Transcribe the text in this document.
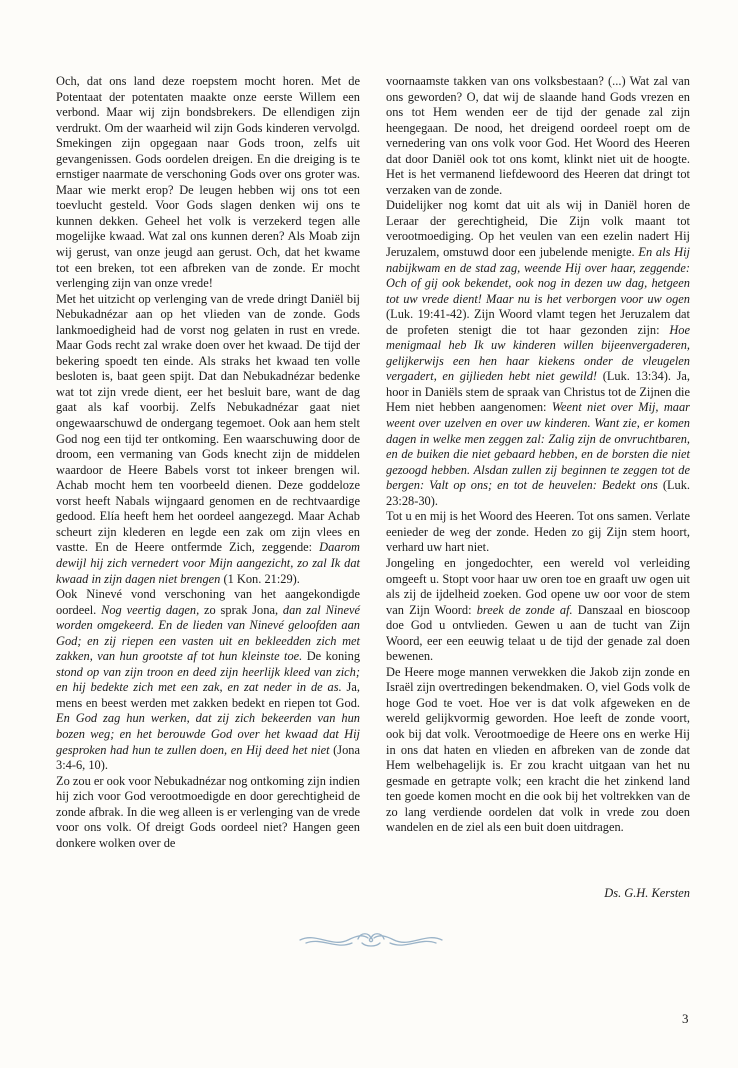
Och, dat ons land deze roepstem mocht horen. Met de Potentaat der potentaten maakte onze eerste Willem een verbond. Maar wij zijn bondsbrekers. De ellendigen zijn verdrukt. Om der waarheid wil zijn Gods kinderen vervolgd. Smekingen zijn opgegaan naar Gods troon, zelfs uit gevangenissen. Gods oordelen dreigen. En die dreiging is te ernstiger naarmate de verschoning Gods over ons groter was. Maar wie merkt erop? De leugen hebben wij ons tot een toevlucht gesteld. Voor Gods slagen denken wij ons te kunnen dekken. Geheel het volk is verzekerd tegen alle mogelijke kwaad. Wat zal ons kunnen deren? Als Moab zijn wij gerust, van onze jeugd aan gerust. Och, dat het kwame tot een breken, tot een afbreken van de zonde. Er mocht verlenging zijn van onze vrede!

Met het uitzicht op verlenging van de vrede dringt Daniël bij Nebukadnézar aan op het vlieden van de zonde. Gods lankmoedigheid had de vorst nog gelaten in rust en vrede. Maar Gods recht zal wrake doen over het kwaad. De tijd der bekering spoedt ten einde. Als straks het kwaad ten volle besloten is, baat geen spijt. Dat dan Nebukadnézar bedenke wat tot zijn vrede dient, eer het besluit bare, want de dag gaat als kaf voorbij. Zelfs Nebukadnézar gaat niet ongewaarschuwd de ondergang tegemoet. Ook aan hem stelt God nog een tijd ter ontkoming. Een waarschuwing door de droom, een vermaning van Gods knecht zijn de middelen waardoor de Heere Babels vorst tot inkeer brengen wil. Achab mocht hem ten voorbeeld dienen. Deze goddeloze vorst heeft Nabals wijngaard genomen en de rechtvaardige gedood. Elía heeft hem het oordeel aangezegd. Maar Achab scheurt zijn klederen en legde een zak om zijn vlees en vastte. En de Heere ontfermde Zich, zeggende: Daarom dewijl hij zich vernedert voor Mijn aangezicht, zo zal Ik dat kwaad in zijn dagen niet brengen (1 Kon. 21:29).

Ook Ninevé vond verschoning van het aangekondigde oordeel. Nog veertig dagen, zo sprak Jona, dan zal Ninevé worden omgekeerd. En de lieden van Ninevé geloofden aan God; en zij riepen een vasten uit en bekleedden zich met zakken, van hun grootste af tot hun kleinste toe. De koning stond op van zijn troon en deed zijn heerlijk kleed van zich; en hij bedekte zich met een zak, en zat neder in de as. Ja, mens en beest werden met zakken bedekt en riepen tot God. En God zag hun werken, dat zij zich bekeerden van hun bozen weg; en het berouwde God over het kwaad dat Hij gesproken had hun te zullen doen, en Hij deed het niet (Jona 3:4-6, 10).

Zo zou er ook voor Nebukadnézar nog ontkoming zijn indien hij zich voor God verootmoedigde en door gerechtigheid de zonde afbrak. In die weg alleen is er verlenging van de vrede voor ons volk. Of dreigt Gods oordeel niet? Hangen geen donkere wolken over de

voornaamste takken van ons volksbestaan? (...) Wat zal van ons geworden? O, dat wij de slaande hand Gods vrezen en ons tot Hem wenden eer de tijd der genade zal zijn heengegaan. De nood, het dreigend oordeel roept om de vernedering van ons volk voor God. Het Woord des Heeren dat door Daniël ook tot ons komt, klinkt niet uit de hoogte. Het is het vermanend liefdewoord des Heeren dat dringt tot verzaken van de zonde.

Duidelijker nog komt dat uit als wij in Daniël horen de Leraar der gerechtigheid, Die Zijn volk maant tot verootmoediging. Op het veulen van een ezelin nadert Hij Jeruzalem, omstuwd door een jubelende menigte. En als Hij nabijkwam en de stad zag, weende Hij over haar, zeggende: Och of gij ook bekendet, ook nog in dezen uw dag, hetgeen tot uw vrede dient! Maar nu is het verborgen voor uw ogen (Luk. 19:41-42). Zijn Woord vlamt tegen het Jeruzalem dat de profeten stenigt die tot haar gezonden zijn: Hoe menigmaal heb Ik uw kinderen willen bijeenvergaderen, gelijkerwijs een hen haar kiekens onder de vleugelen vergadert, en gijlieden hebt niet gewild! (Luk. 13:34). Ja, hoor in Daniëls stem de spraak van Christus tot de Zijnen die Hem niet hebben aangenomen: Weent niet over Mij, maar weent over uzelven en over uw kinderen. Want zie, er komen dagen in welke men zeggen zal: Zalig zijn de onvruchtbaren, en de buiken die niet gebaard hebben, en de borsten die niet gezoogd hebben. Alsdan zullen zij beginnen te zeggen tot de bergen: Valt op ons; en tot de heuvelen: Bedekt ons (Luk. 23:28-30).

Tot u en mij is het Woord des Heeren. Tot ons samen. Verlate eenieder de weg der zonde. Heden zo gij Zijn stem hoort, verhard uw hart niet.

Jongeling en jongedochter, een wereld vol verleiding omgeeft u. Stopt voor haar uw oren toe en graaft uw ogen uit als zij de ijdelheid zoeken. God opene uw oor voor de stem van Zijn Woord: breek de zonde af. Danszaal en bioscoop doe God u ontvlieden. Gewen u aan de tucht van Zijn Woord, eer een eeuwig telaat u de tijd der genade zal doen bewenen.

De Heere moge mannen verwekken die Jakob zijn zonde en Israël zijn overtredingen bekendmaken. O, viel Gods volk de hoge God te voet. Hoe ver is dat volk afgeweken en de wereld gelijkvormig geworden. Hoe leeft de zonde voort, ook bij dat volk. Verootmoedige de Heere ons en werke Hij in ons dat haten en vlieden en afbreken van de zonde dat Hem welbehagelijk is. Er zou kracht uitgaan van het nu gesmade en getrapte volk; een kracht die het zinkend land ten goede komen mocht en die ook bij het voltrekken van de zo lang verdiende oordelen dat volk in vrede zou doen wandelen en de ziel als een buit doen uitdragen.

Ds. G.H. Kersten
3
